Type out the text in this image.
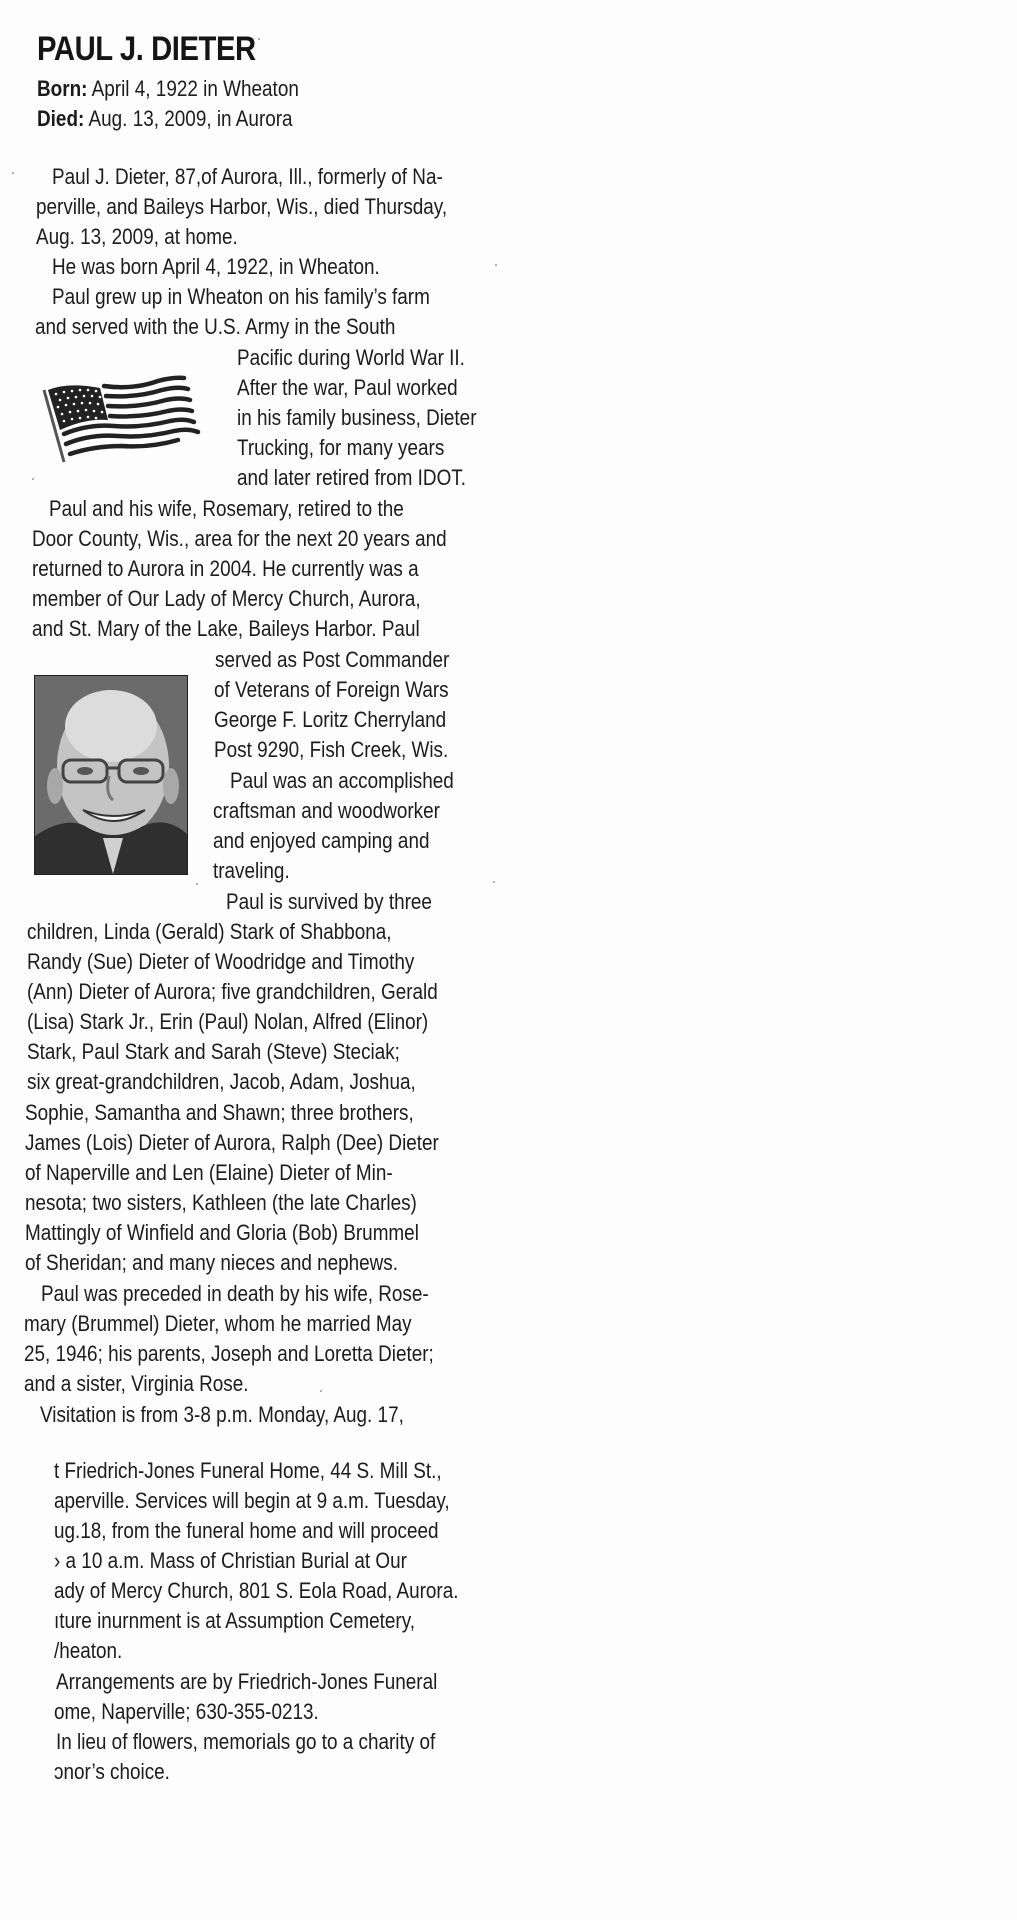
PAUL J. DIETER
Born: April 4, 1922 in Wheaton
Died: Aug. 13, 2009, in Aurora
Paul J. Dieter, 87,of Aurora, Ill., formerly of Na-
perville, and Baileys Harbor, Wis., died Thursday,
Aug. 13, 2009, at home.
He was born April 4, 1922, in Wheaton.
Paul grew up in Wheaton on his family’s farm
and served with the U.S. Army in the South
Pacific during World War II.
After the war, Paul worked
in his family business, Dieter
Trucking, for many years
and later retired from IDOT.
Paul and his wife, Rosemary, retired to the
Door County, Wis., area for the next 20 years and
returned to Aurora in 2004. He currently was a
member of Our Lady of Mercy Church, Aurora,
and St. Mary of the Lake, Baileys Harbor. Paul
served as Post Commander
of Veterans of Foreign Wars
George F. Loritz Cherryland
Post 9290, Fish Creek, Wis.
Paul was an accomplished
craftsman and woodworker
and enjoyed camping and
traveling.
Paul is survived by three
children, Linda (Gerald) Stark of Shabbona,
Randy (Sue) Dieter of Woodridge and Timothy
(Ann) Dieter of Aurora; five grandchildren, Gerald
(Lisa) Stark Jr., Erin (Paul) Nolan, Alfred (Elinor)
Stark, Paul Stark and Sarah (Steve) Steciak;
six great-grandchildren, Jacob, Adam, Joshua,
Sophie, Samantha and Shawn; three brothers,
James (Lois) Dieter of Aurora, Ralph (Dee) Dieter
of Naperville and Len (Elaine) Dieter of Min-
nesota; two sisters, Kathleen (the late Charles)
Mattingly of Winfield and Gloria (Bob) Brummel
of Sheridan; and many nieces and nephews.
Paul was preceded in death by his wife, Rose-
mary (Brummel) Dieter, whom he married May
25, 1946; his parents, Joseph and Loretta Dieter;
and a sister, Virginia Rose.
Visitation is from 3-8 p.m. Monday, Aug. 17,
t Friedrich-Jones Funeral Home, 44 S. Mill St.,
aperville. Services will begin at 9 a.m. Tuesday,
ug.18, from the funeral home and will proceed
› a 10 a.m. Mass of Christian Burial at Our
ady of Mercy Church, 801 S. Eola Road, Aurora.
ıture inurnment is at Assumption Cemetery,
/heaton.
Arrangements are by Friedrich-Jones Funeral
ome, Naperville; 630-355-0213.
In lieu of flowers, memorials go to a charity of
ɔnor’s choice.
